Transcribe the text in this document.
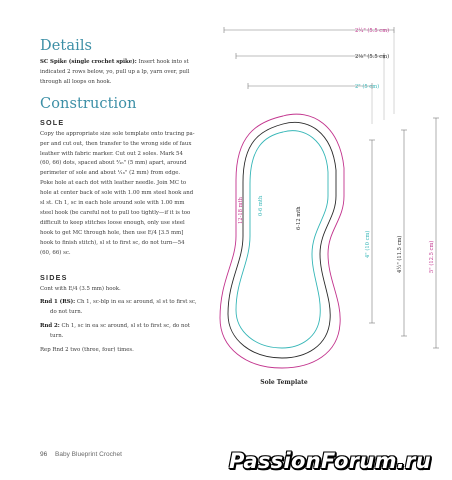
Details

SC Spike (single crochet spike): Insert hook into st
indicated 2 rows below, yo, pull up a lp, yarn over, pull
through all loops on hook.

Construction
SOLE

Copy the appropriate size sole template onto tracing pa-
per and cut out, then transfer to the wrong side of faux
leather with fabric marker. Cut out 2 soles. Mark 54
(60, 66) dots, spaced about ³⁄₁₆" (5 mm) apart, around
perimeter of sole and about ¹⁄₁₆" (2 mm) from edge.
Poke hole at each dot with leather needle. Join MC to
hole at center back of sole with 1.00 mm steel hook and
sl st. Ch 1, sc in each hole around sole with 1.00 mm
steel hook (be careful not to pull too tightly—if it is too
difficult to keep stitches loose enough, only use steel
hook to get MC through hole, then use E/4 [3.5 mm]
hook to finish stitch), sl st to first sc, do not turn—54
(60, 66) sc.

SIDES

Cont with E/4 (3.5 mm) hook.

Rnd 1 (RS): Ch 1, sc-blp in ea sc around, sl st to first sc,

do not turn.

Rnd 2: Ch 1, sc in ea sc around, sl st to first sc, do not

turn.

Rep Rnd 2 two (three, four) times.

2¼" (5.5 cm)
2⅛" (5.5 cm)
2" (5 cm)
4" (10 cm)	4½" (11.5 cm)	5" (12.5 cm)
12-18 mth	0-6 mth
6-12 mth
Sole Template
96 Baby Blueprint Crochet	PassionForum.ru
